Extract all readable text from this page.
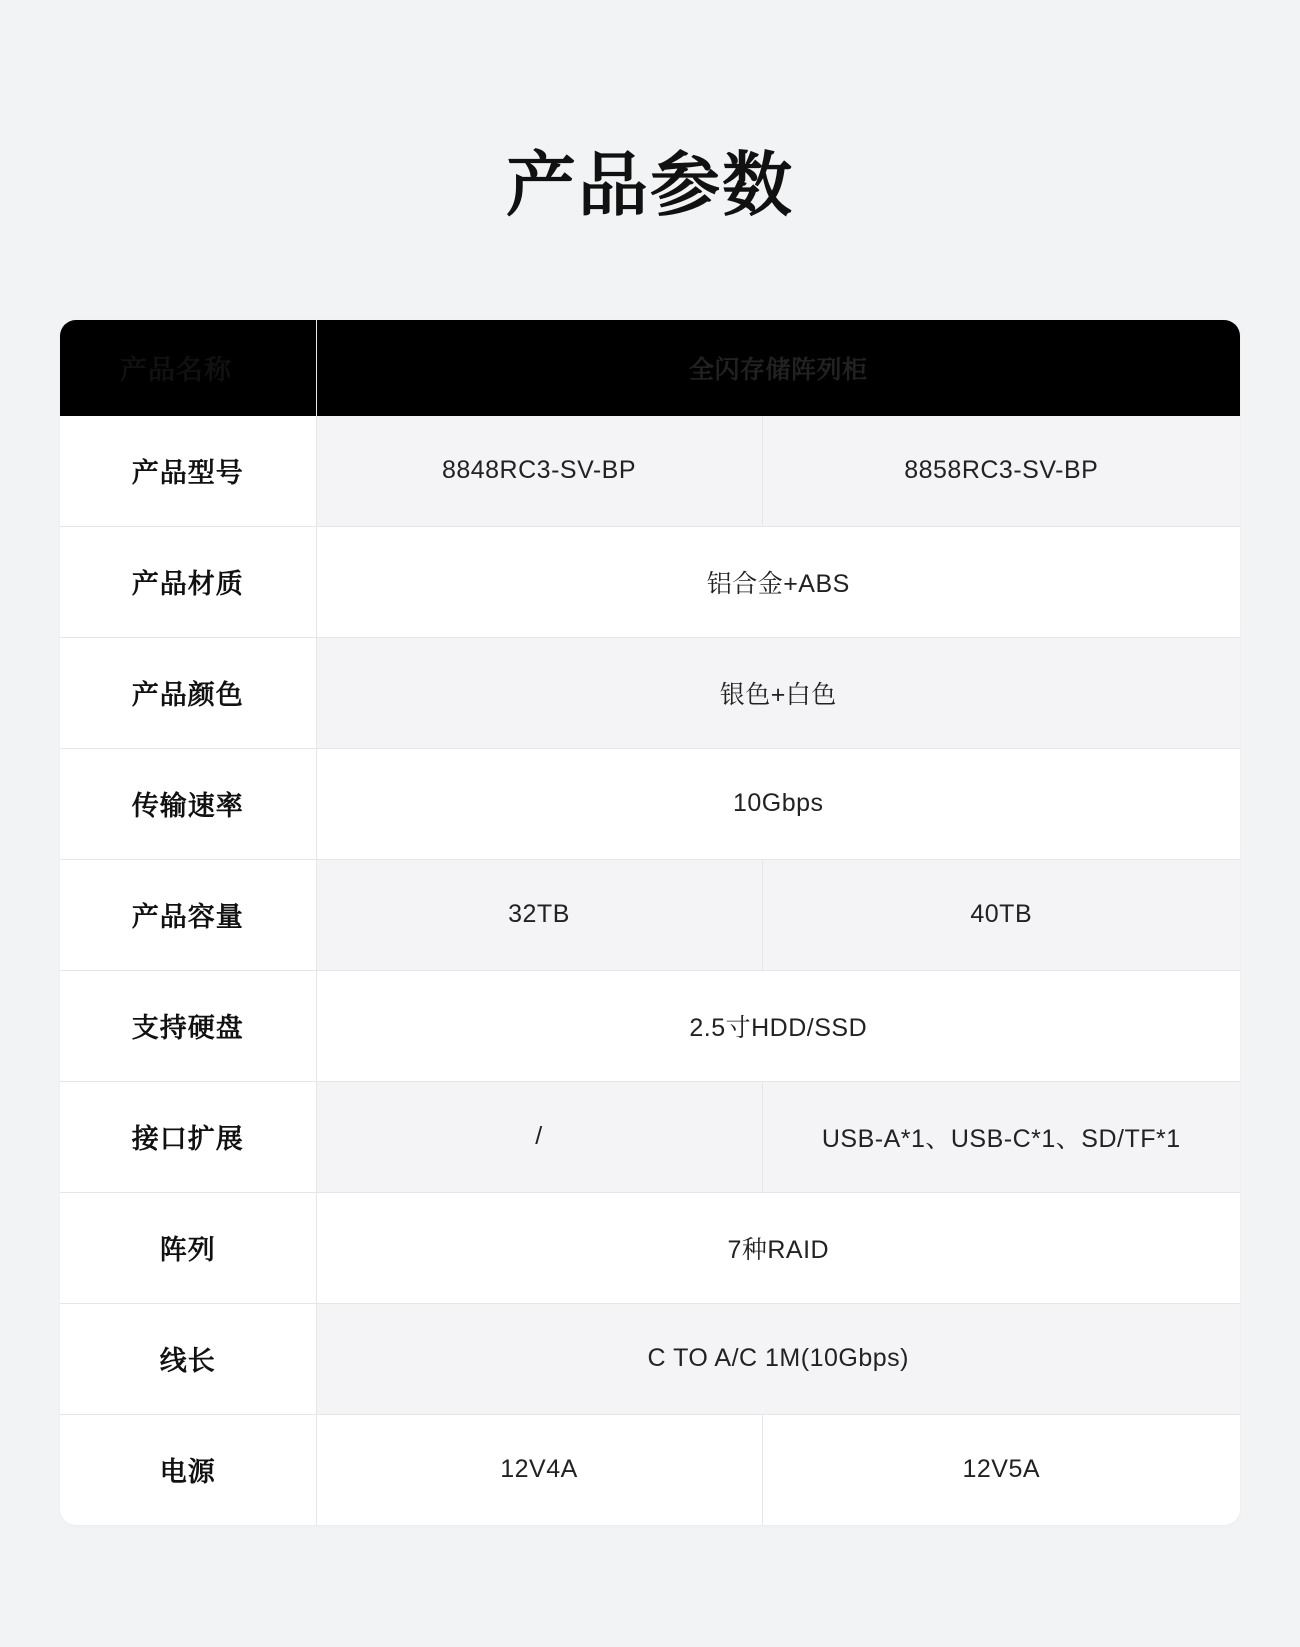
产品参数
产品名称	全闪存储阵列柜	
产品型号	8848RC3-SV-BP	8858RC3-SV-BP
产品材质	铝合金+ABS	
产品颜色	银色+白色	
传输速率	10Gbps	
产品容量	32TB	40TB
支持硬盘	2.5寸HDD/SSD	
接口扩展	/	USB-A*1、USB-C*1、SD/TF*1
阵列	7种RAID	
线长	C TO A/C 1M(10Gbps)	
电源	12V4A	12V5A
